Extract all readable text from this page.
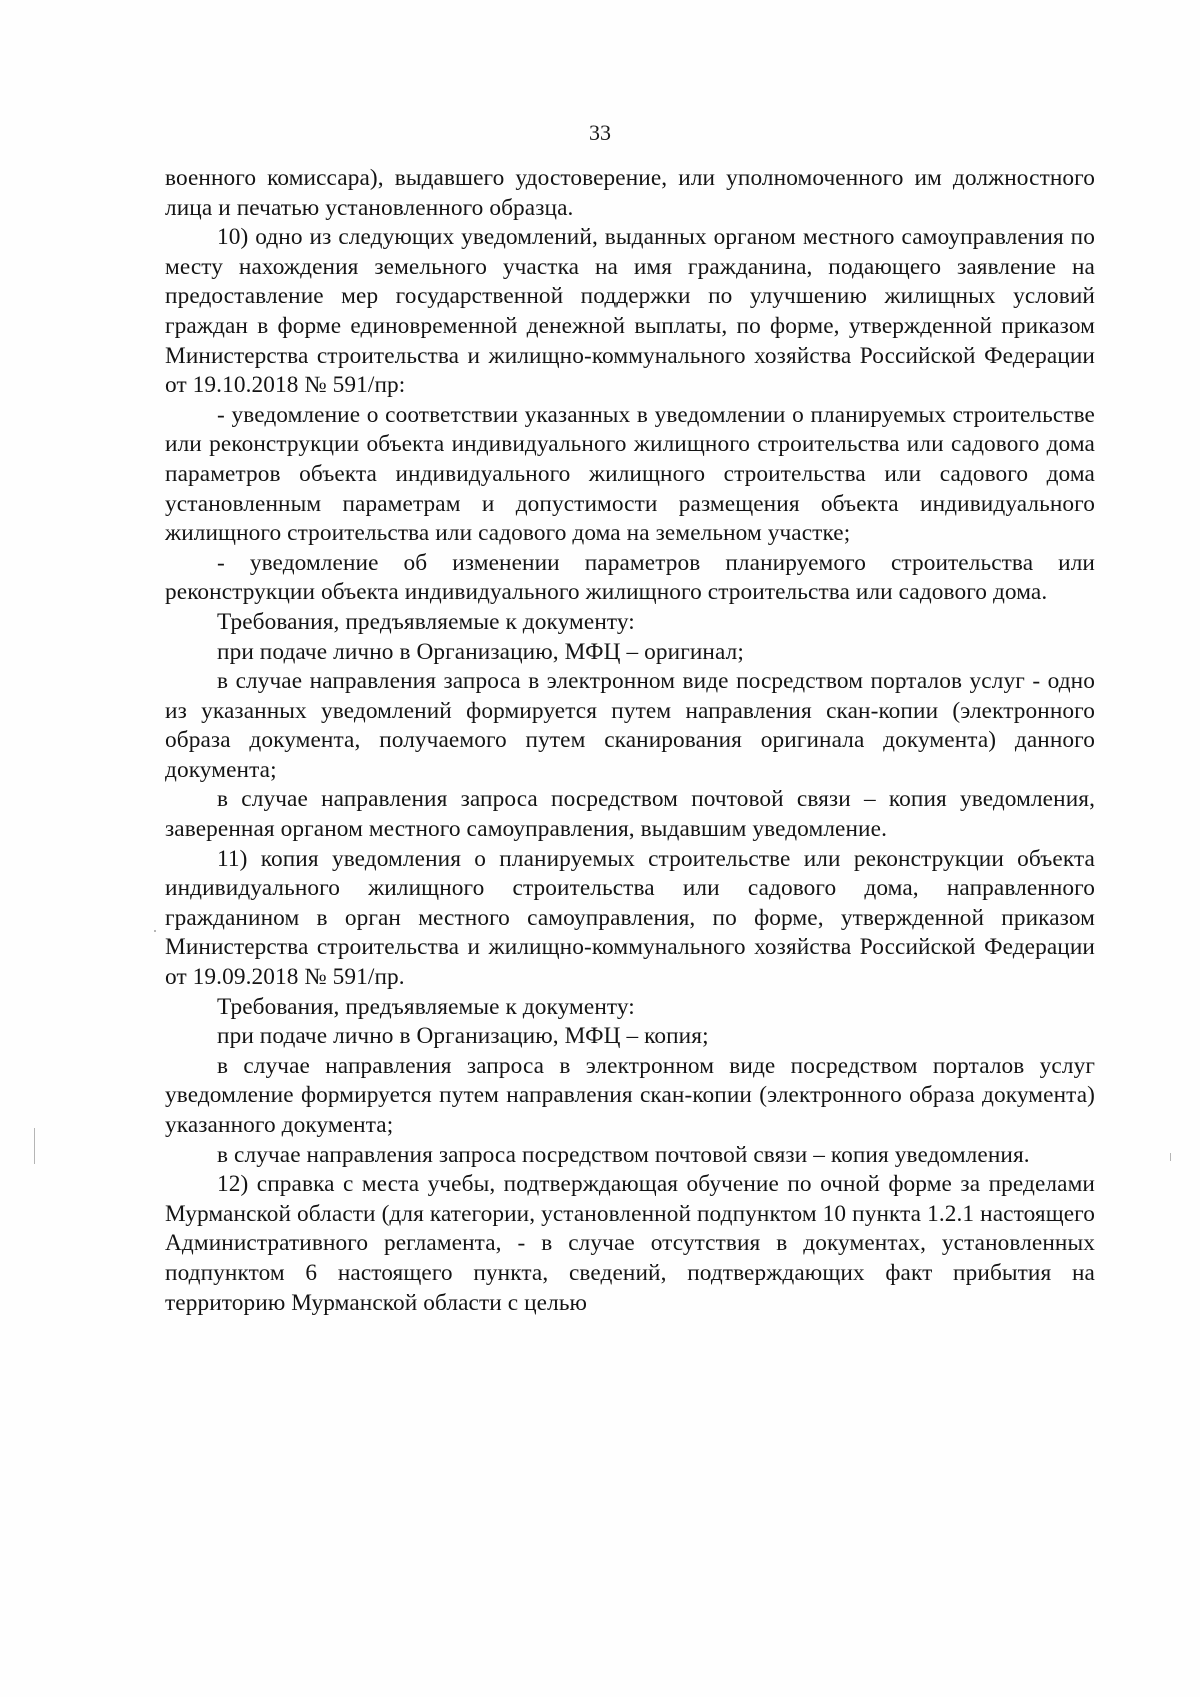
33

военного комиссара), выдавшего удостоверение, или уполномоченного им должностного лица и печатью установленного образца.

10) одно из следующих уведомлений, выданных органом местного самоуправления по месту нахождения земельного участка на имя гражданина, подающего заявление на предоставление мер государственной поддержки по улучшению жилищных условий граждан в форме единовременной денежной выплаты, по форме, утвержденной приказом Министерства строительства и жилищно-коммунального хозяйства Российской Федерации от 19.10.2018 № 591/пр:

- уведомление о соответствии указанных в уведомлении о планируемых строительстве или реконструкции объекта индивидуального жилищного строительства или садового дома параметров объекта индивидуального жилищного строительства или садового дома установленным параметрам и допустимости размещения объекта индивидуального жилищного строительства или садового дома на земельном участке;

- уведомление об изменении параметров планируемого строительства или реконструкции объекта индивидуального жилищного строительства или садового дома.

Требования, предъявляемые к документу:

при подаче лично в Организацию, МФЦ – оригинал;

в случае направления запроса в электронном виде посредством порталов услуг - одно из указанных уведомлений формируется путем направления скан-копии (электронного образа документа, получаемого путем сканирования оригинала документа) данного документа;

в случае направления запроса посредством почтовой связи – копия уведомления, заверенная органом местного самоуправления, выдавшим уведомление.

11) копия уведомления о планируемых строительстве или реконструкции объекта индивидуального жилищного строительства или садового дома, направленного гражданином в орган местного самоуправления, по форме, утвержденной приказом Министерства строительства и жилищно-коммунального хозяйства Российской Федерации от 19.09.2018 № 591/пр.

Требования, предъявляемые к документу:

при подаче лично в Организацию, МФЦ – копия;

в случае направления запроса в электронном виде посредством порталов услуг уведомление формируется путем направления скан-копии (электронного образа документа) указанного документа;

в случае направления запроса посредством почтовой связи – копия уведомления.

12) справка с места учебы, подтверждающая обучение по очной форме за пределами Мурманской области (для категории, установленной подпунктом 10 пункта 1.2.1 настоящего Административного регламента, - в случае отсутствия в документах, установленных подпунктом 6 настоящего пункта, сведений, подтверждающих факт прибытия на территорию Мурманской области с целью
